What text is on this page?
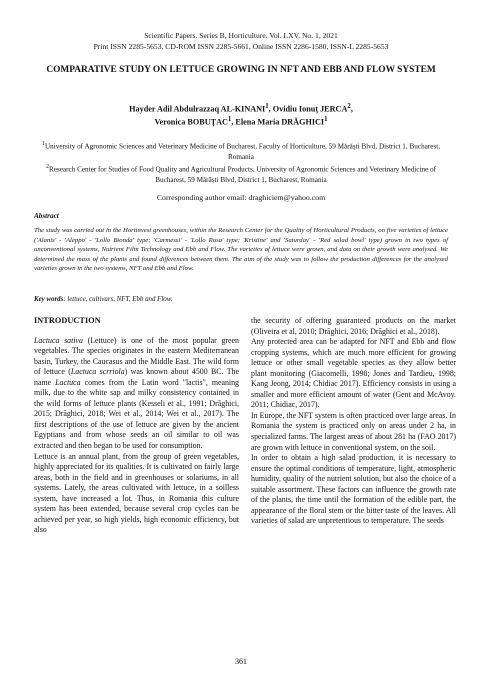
Scientific Papers. Series B, Horticulture. Vol. LXV, No. 1, 2021
Print ISSN 2285-5653, CD-ROM ISSN 2285-5661, Online ISSN 2286-1580, ISSN-L 2285-5653
COMPARATIVE STUDY ON LETTUCE GROWING IN NFT AND EBB AND FLOW SYSTEM
Hayder Adil Abdulrazzaq AL-KINANI$^1$, Ovidiu Ionuț JERCA$^2$,
Veronica BOBUȚAC$^1$, Elena Maria DRĂGHICI$^1$
$^1$University of Agronomic Sciences and Veterinary Medicine of Bucharest, Faculty of Horticulture, 59 Mărăști Blvd, District 1, Bucharest, Romania
$^2$Research Center for Studies of Food Quality and Agricultural Products, University of Agronomic Sciences and Veterinary Medicine of Bucharest, 59 Mărăști Blvd, District 1, Bucharest, Romania
Corresponding author email: draghiciem@yahoo.com
Abstract
The study was carried out in the Hortinvest greenhouses, within the Research Center for the Quality of Horticultural Products, on five varieties of lettuce ('Alanis' - 'Aleppo' - 'Lollo Bionda' type; 'Carmessi' - 'Lollo Rosa' type; 'Kristine' and 'Saturday' - 'Red salad bowl' type) grown in two types of unconventional systems, Nutrient Film Technology and Ebb and Flow. The varieties of lettuce were grown, and data on their growth were analysed. We determined the mass of the plants and found differences between them. The aim of the study was to follow the production differences for the analysed varieties grown in the two systems, NFT and Ebb and Flow.
Key words: lettuce, cultivars, NFT, Ebb and Flow.
INTRODUCTION

Lactuca sativa (Lettuce) is one of the most popular green vegetables. The species originates in the eastern Mediterranean basin, Turkey, the Caucasus and the Middle East. The wild form of lettuce (Lactuca scrriola) was known about 4500 BC. The name Lactuca comes from the Latin word "lactis", meaning milk, due to the white sap and milky consistency contained in the wild forms of lettuce plants (Kesseli et al., 1991; Drăghici, 2015; Drăghici, 2018; Wei et al., 2014; Wei et al., 2017). The first descriptions of the use of lettuce are given by the ancient Egyptians and from whose seeds an oil similar to oil was extracted and then began to be used for consumption.

Lettuce is an annual plant, from the group of green vegetables, highly appreciated for its qualities. It is cultivated on fairly large areas, both in the field and in greenhouses or solariums, in all systems. Lately, the areas cultivated with lettuce, in a soilless system, have increased a lot. Thus, in Romania this culture system has been extended, because several crop cycles can be achieved per year, so high yields, high economic efficiency, but also

the security of offering guaranteed products on the market (Oliveira et al, 2010; Drăghici, 2016; Drăghici et al., 2018).

Any protected area can be adapted for NFT and Ebb and flow cropping systems, which are much more efficient for growing lettuce or other small vegetable species as they allow better plant monitoring (Giacomelli, 1998; Jones and Tardieu, 1998; Kang Jeong, 2014; Chidiac 2017). Efficiency consists in using a smaller and more efficient amount of water (Gent and McAvoy. 2011; Chidiac, 2017).

In Europe, the NFT system is often practiced over large areas. In Romania the system is practiced only on areas under 2 ha, in specialized farms. The largest areas of about 281 ha (FAO 2017) are grown with lettuce in conventional system, on the soil.

In order to obtain a high salad production, it is necessary to ensure the optimal conditions of temperature, light, atmospheric humidity, quality of the nutrient solution, but also the choice of a suitable assortment. These factors can influence the growth rate of the plants, the time until the formation of the edible part, the appearance of the floral stem or the bitter taste of the leaves. All varieties of salad are unpretentious to temperature. The seeds

361
